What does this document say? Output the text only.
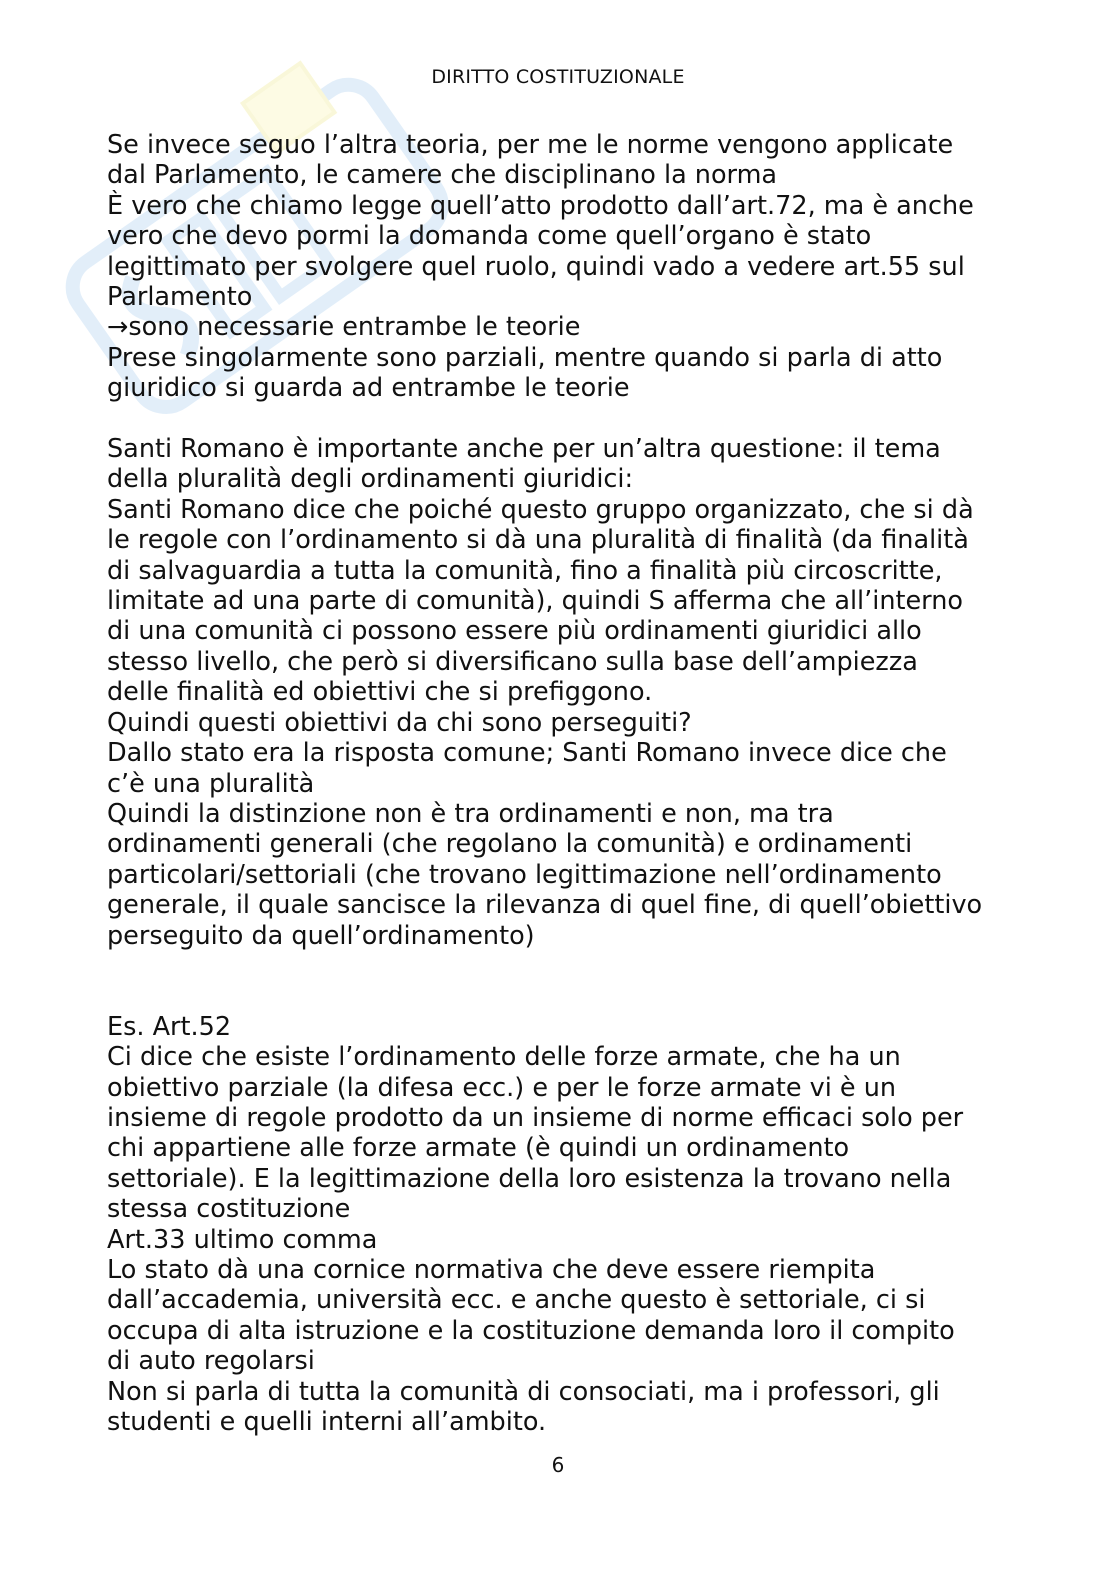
DIRITTO COSTITUZIONALE
Se invece seguo l’altra teoria, per me le norme vengono applicate
dal Parlamento, le camere che disciplinano la norma
È vero che chiamo legge quell’atto prodotto dall’art.72, ma è anche
vero che devo pormi la domanda come quell’organo è stato
legittimato per svolgere quel ruolo, quindi vado a vedere art.55 sul
Parlamento
→sono necessarie entrambe le teorie
Prese singolarmente sono parziali, mentre quando si parla di atto
giuridico si guarda ad entrambe le teorie
Santi Romano è importante anche per un’altra questione: il tema
della pluralità degli ordinamenti giuridici:
Santi Romano dice che poiché questo gruppo organizzato, che si dà
le regole con l’ordinamento si dà una pluralità di finalità (da finalità
di salvaguardia a tutta la comunità, fino a finalità più circoscritte,
limitate ad una parte di comunità), quindi S afferma che all’interno
di una comunità ci possono essere più ordinamenti giuridici allo
stesso livello, che però si diversificano sulla base dell’ampiezza
delle finalità ed obiettivi che si prefiggono.
Quindi questi obiettivi da chi sono perseguiti?
Dallo stato era la risposta comune; Santi Romano invece dice che
c’è una pluralità
Quindi la distinzione non è tra ordinamenti e non, ma tra
ordinamenti generali (che regolano la comunità) e ordinamenti
particolari/settoriali (che trovano legittimazione nell’ordinamento
generale, il quale sancisce la rilevanza di quel fine, di quell’obiettivo
perseguito da quell’ordinamento)
Es. Art.52
Ci dice che esiste l’ordinamento delle forze armate, che ha un
obiettivo parziale (la difesa ecc.) e per le forze armate vi è un
insieme di regole prodotto da un insieme di norme efficaci solo per
chi appartiene alle forze armate (è quindi un ordinamento
settoriale). E la legittimazione della loro esistenza la trovano nella
stessa costituzione
Art.33 ultimo comma
Lo stato dà una cornice normativa che deve essere riempita
dall’accademia, università ecc. e anche questo è settoriale, ci si
occupa di alta istruzione e la costituzione demanda loro il compito
di auto regolarsi
Non si parla di tutta la comunità di consociati, ma i professori, gli
studenti e quelli interni all’ambito.
6
